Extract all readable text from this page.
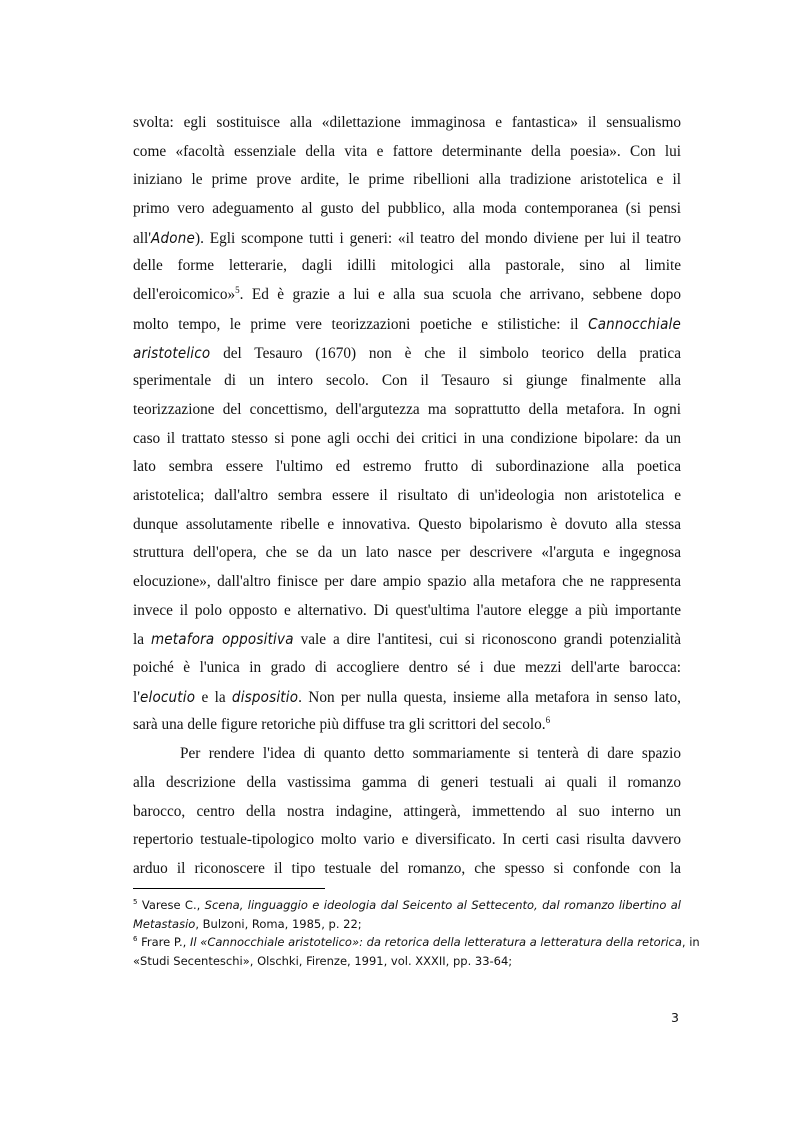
svolta: egli sostituisce alla «dilettazione immaginosa e fantastica» il sensualismo
come «facoltà essenziale della vita e fattore determinante della poesia». Con lui
iniziano le prime prove ardite, le prime ribellioni alla tradizione aristotelica e il
primo vero adeguamento al gusto del pubblico, alla moda contemporanea (si pensi
all'Adone). Egli scompone tutti i generi: «il teatro del mondo diviene per lui il teatro
delle forme letterarie, dagli idilli mitologici alla pastorale, sino al limite
dell'eroicomico»$^5$. Ed è grazie a lui e alla sua scuola che arrivano, sebbene dopo
molto tempo, le prime vere teorizzazioni poetiche e stilistiche: il Cannocchiale
aristotelico del Tesauro (1670) non è che il simbolo teorico della pratica
sperimentale di un intero secolo. Con il Tesauro si giunge finalmente alla
teorizzazione del concettismo, dell'argutezza ma soprattutto della metafora. In ogni
caso il trattato stesso si pone agli occhi dei critici in una condizione bipolare: da un
lato sembra essere l'ultimo ed estremo frutto di subordinazione alla poetica
aristotelica; dall'altro sembra essere il risultato di un'ideologia non aristotelica e
dunque assolutamente ribelle e innovativa. Questo bipolarismo è dovuto alla stessa
struttura dell'opera, che se da un lato nasce per descrivere «l'arguta e ingegnosa
elocuzione», dall'altro finisce per dare ampio spazio alla metafora che ne rappresenta
invece il polo opposto e alternativo. Di quest'ultima l'autore elegge a più importante
la metafora oppositiva vale a dire l'antitesi, cui si riconoscono grandi potenzialità
poiché è l'unica in grado di accogliere dentro sé i due mezzi dell'arte barocca:
l'elocutio e la dispositio. Non per nulla questa, insieme alla metafora in senso lato,
sarà una delle figure retoriche più diffuse tra gli scrittori del secolo.$^6$
Per rendere l'idea di quanto detto sommariamente si tenterà di dare spazio
alla descrizione della vastissima gamma di generi testuali ai quali il romanzo
barocco, centro della nostra indagine, attingerà, immettendo al suo interno un
repertorio testuale-tipologico molto vario e diversificato. In certi casi risulta davvero
arduo il riconoscere il tipo testuale del romanzo, che spesso si confonde con la
$^5$ Varese C., Scena, linguaggio e ideologia dal Seicento al Settecento, dal romanzo libertino al
Metastasio, Bulzoni, Roma, 1985, p. 22;
$^6$ Frare P., Il «Cannocchiale aristotelico»: da retorica della letteratura a letteratura della retorica, in
«Studi Secenteschi», Olschki, Firenze, 1991, vol. XXXII, pp. 33-64;
3
